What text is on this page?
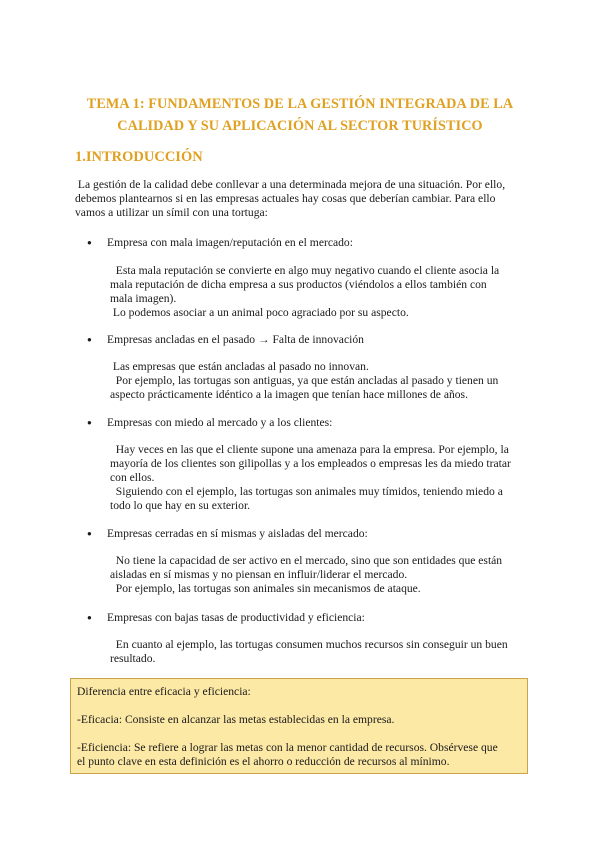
TEMA 1: FUNDAMENTOS DE LA GESTIÓN INTEGRADA DE LA
CALIDAD Y SU APLICACIÓN AL SECTOR TURÍSTICO
1.INTRODUCCIÓN
La gestión de la calidad debe conllevar a una determinada mejora de una situación. Por ello,
debemos plantearnos si en las empresas actuales hay cosas que deberían cambiar. Para ello
vamos a utilizar un símil con una tortuga:
● Empresa con mala imagen/reputación en el mercado:
Esta mala reputación se convierte en algo muy negativo cuando el cliente asocia la
mala reputación de dicha empresa a sus productos (viéndolos a ellos también con
mala imagen).
Lo podemos asociar a un animal poco agraciado por su aspecto.
● Empresas ancladas en el pasado → Falta de innovación
Las empresas que están ancladas al pasado no innovan.
Por ejemplo, las tortugas son antiguas, ya que están ancladas al pasado y tienen un
aspecto prácticamente idéntico a la imagen que tenían hace millones de años.
● Empresas con miedo al mercado y a los clientes:
Hay veces en las que el cliente supone una amenaza para la empresa. Por ejemplo, la
mayoría de los clientes son gilipollas y a los empleados o empresas les da miedo tratar
con ellos.
Siguiendo con el ejemplo, las tortugas son animales muy tímidos, teniendo miedo a
todo lo que hay en su exterior.
● Empresas cerradas en sí mismas y aisladas del mercado:
No tiene la capacidad de ser activo en el mercado, sino que son entidades que están
aisladas en sí mismas y no piensan en influir/liderar el mercado.
Por ejemplo, las tortugas son animales sin mecanismos de ataque.
● Empresas con bajas tasas de productividad y eficiencia:
En cuanto al ejemplo, las tortugas consumen muchos recursos sin conseguir un buen
resultado.

Diferencia entre eficacia y eficiencia:

-Eficacia: Consiste en alcanzar las metas establecidas en la empresa.

-Eficiencia: Se refiere a lograr las metas con la menor cantidad de recursos. Obsérvese que

el punto clave en esta definición es el ahorro o reducción de recursos al mínimo.
